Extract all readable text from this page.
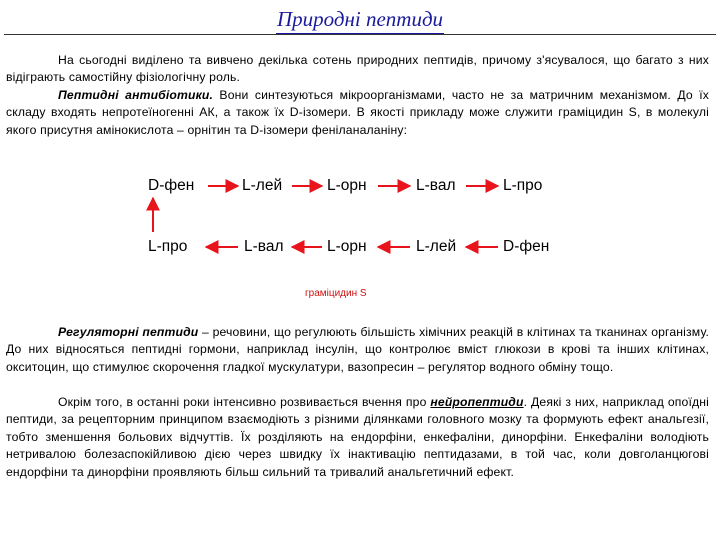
Природні пептиди

На сьогодні виділено та вивчено декілька сотень природних пептидів, причому з'ясувалося, що багато з них відіграють самостійну фізіологічну роль.

Пептидні антибіотики. Вони синтезуються мікроорганізмами, часто не за матричним механізмом. До їх складу входять непротеїногенні АК, а також їх D-ізомери. В якості прикладу може служити граміцидин S, в молекулі якого присутня амінокислота – орнітин та D-ізомери феніланаланіну:

D-фен	L-лей	L-орн	L-вал	L-про
L-про	L-вал	L-орн	L-лей	D-фен
граміцидин S

Регуляторні пептиди – речовини, що регулюють більшість хімічних реакцій в клітинах та тканинах організму. До них відносяться пептидні гормони, наприклад інсулін, що контролює вміст глюкози в крові та інших клітинах, окситоцин, що стимулює скорочення гладкої мускулатури, вазопресин – регулятор водного обміну тощо.

Окрім того, в останні роки інтенсивно розвивається вчення про нейропептиди. Деякі з них, наприклад опоїдні пептиди, за рецепторним принципом взаємодіють з різними ділянками головного мозку та формують ефект анальгезії, тобто зменшення больових відчуттів. Їх розділяють на ендорфіни, енкефаліни, динорфіни. Енкефаліни володіють нетривалою болезаспокійливою дією через швидку їх інактивацію пептидазами, в той час, коли довголанцюгові ендорфіни та динорфіни проявляють більш сильний та тривалий анальгетичний ефект.
